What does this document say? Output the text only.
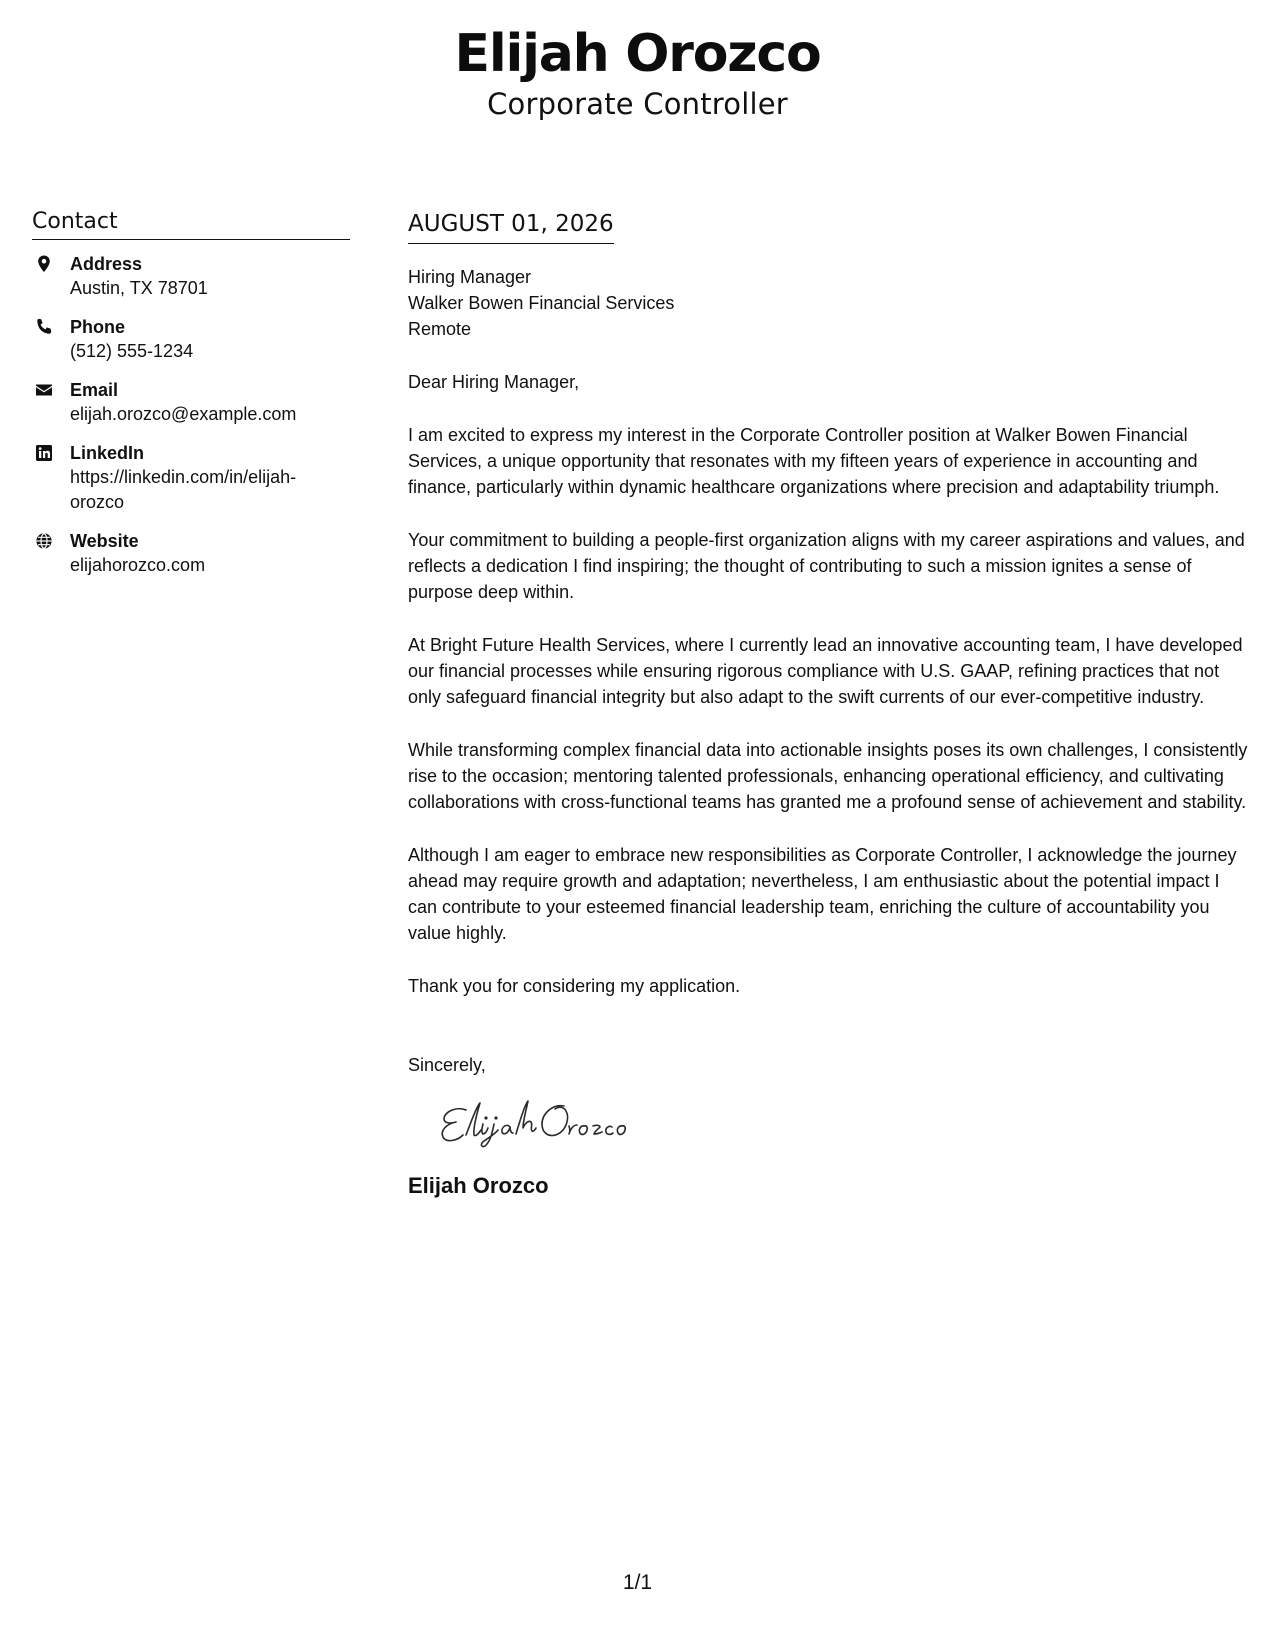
Elijah Orozco
Corporate Controller
Contact
Address
Austin, TX 78701
Phone
(512) 555-1234
Email
elijah.orozco@example.com
LinkedIn
https://linkedin.com/in/elijah-orozco
Website
elijahorozco.com
AUGUST 01, 2026
Hiring Manager
Walker Bowen Financial Services
Remote
Dear Hiring Manager,
I am excited to express my interest in the Corporate Controller position at Walker Bowen Financial Services, a unique opportunity that resonates with my fifteen years of experience in accounting and finance, particularly within dynamic healthcare organizations where precision and adaptability triumph.
Your commitment to building a people-first organization aligns with my career aspirations and values, and reflects a dedication I find inspiring; the thought of contributing to such a mission ignites a sense of purpose deep within.
At Bright Future Health Services, where I currently lead an innovative accounting team, I have developed our financial processes while ensuring rigorous compliance with U.S. GAAP, refining practices that not only safeguard financial integrity but also adapt to the swift currents of our ever-competitive industry.
While transforming complex financial data into actionable insights poses its own challenges, I consistently rise to the occasion; mentoring talented professionals, enhancing operational efficiency, and cultivating collaborations with cross-functional teams has granted me a profound sense of achievement and stability.
Although I am eager to embrace new responsibilities as Corporate Controller, I acknowledge the journey ahead may require growth and adaptation; nevertheless, I am enthusiastic about the potential impact I can contribute to your esteemed financial leadership team, enriching the culture of accountability you value highly.
Thank you for considering my application.
Sincerely,
Elijah Orozco
1/1
